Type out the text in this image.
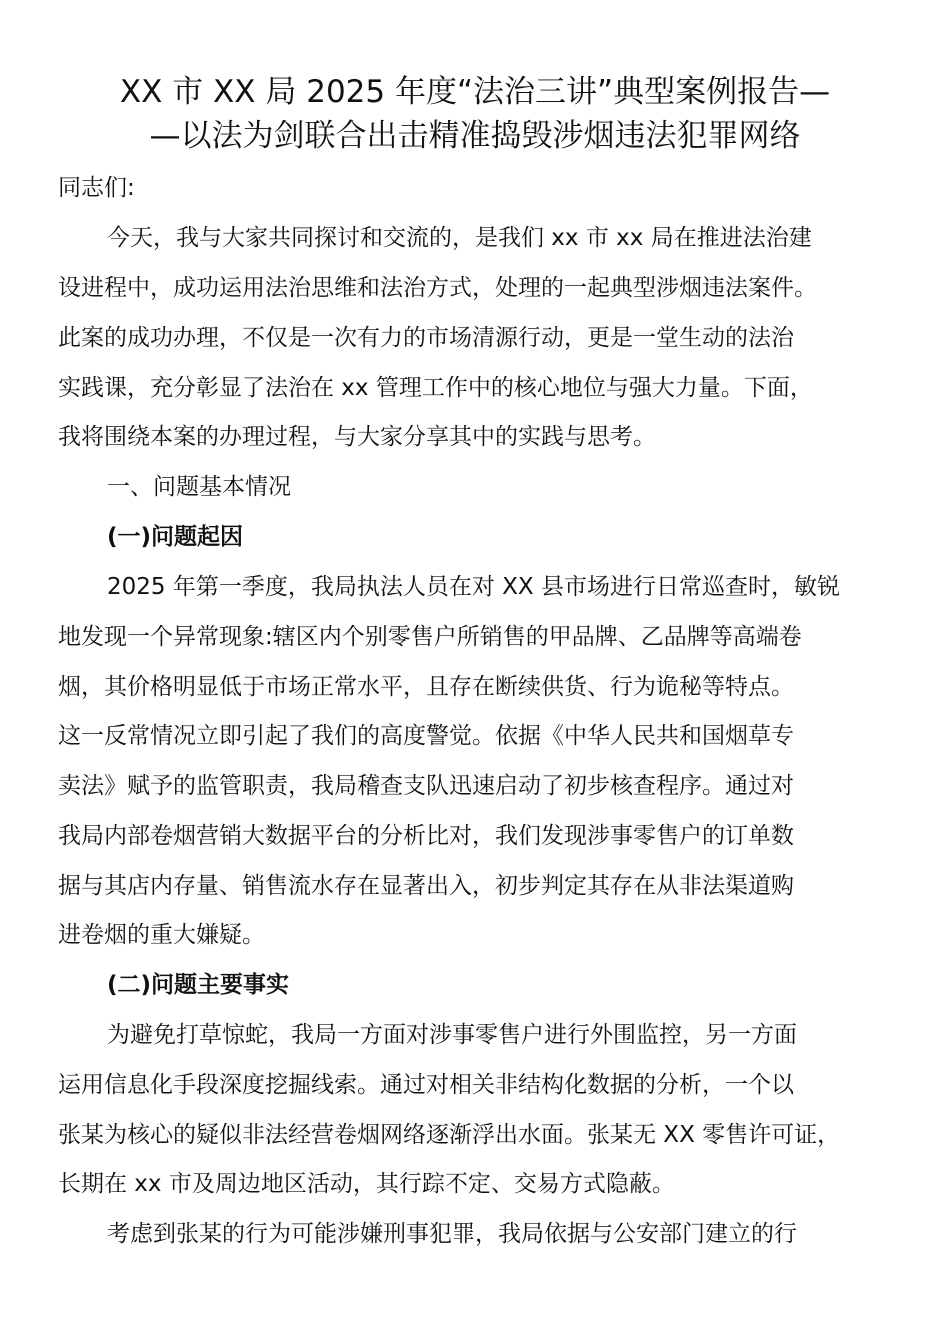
XX 市 XX 局 2025 年度“法治三讲”典型案例报告—
—以法为剑联合出击精准捣毁涉烟违法犯罪网络
同志们:
今天，我与大家共同探讨和交流的，是我们 xx 市 xx 局在推进法治建
设进程中，成功运用法治思维和法治方式，处理的一起典型涉烟违法案件。
此案的成功办理，不仅是一次有力的市场清源行动，更是一堂生动的法治
实践课，充分彰显了法治在 xx 管理工作中的核心地位与强大力量。下面，
我将围绕本案的办理过程，与大家分享其中的实践与思考。
一、问题基本情况
(一)问题起因
2025 年第一季度，我局执法人员在对 XX 县市场进行日常巡查时，敏锐
地发现一个异常现象:辖区内个别零售户所销售的甲品牌、乙品牌等高端卷
烟，其价格明显低于市场正常水平，且存在断续供货、行为诡秘等特点。
这一反常情况立即引起了我们的高度警觉。依据《中华人民共和国烟草专
卖法》赋予的监管职责，我局稽查支队迅速启动了初步核查程序。通过对
我局内部卷烟营销大数据平台的分析比对，我们发现涉事零售户的订单数
据与其店内存量、销售流水存在显著出入，初步判定其存在从非法渠道购
进卷烟的重大嫌疑。
(二)问题主要事实
为避免打草惊蛇，我局一方面对涉事零售户进行外围监控，另一方面
运用信息化手段深度挖掘线索。通过对相关非结构化数据的分析，一个以
张某为核心的疑似非法经营卷烟网络逐渐浮出水面。张某无 XX 零售许可证，
长期在 xx 市及周边地区活动，其行踪不定、交易方式隐蔽。
考虑到张某的行为可能涉嫌刑事犯罪，我局依据与公安部门建立的行
